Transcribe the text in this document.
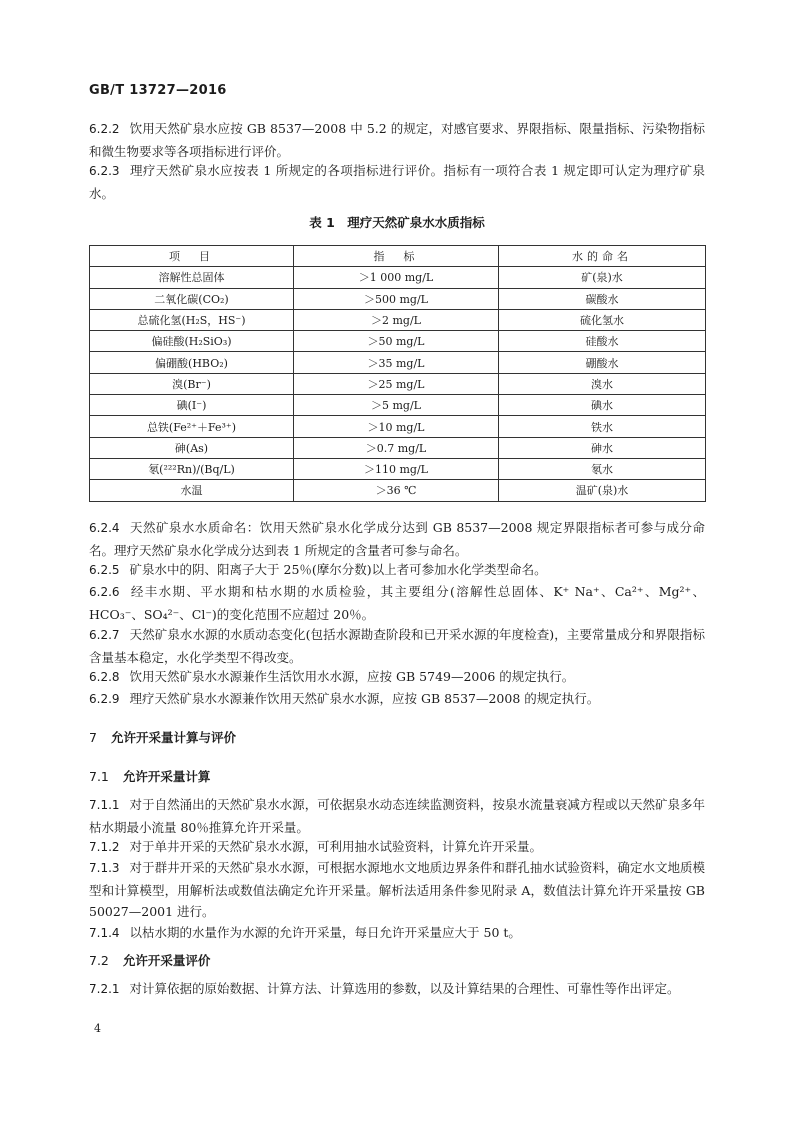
GB/T 13727—2016
6.2.2 饮用天然矿泉水应按 GB 8537—2008 中 5.2 的规定，对感官要求、界限指标、限量指标、污染物指标和微生物要求等各项指标进行评价。
6.2.3 理疗天然矿泉水应按表 1 所规定的各项指标进行评价。指标有一项符合表 1 规定即可认定为理疗矿泉水。
表 1　理疗天然矿泉水水质指标
项　目	指　标	水的命名
溶解性总固体	＞1 000 mg/L	矿(泉)水
二氧化碳(CO₂)	＞500 mg/L	碳酸水
总硫化氢(H₂S，HS⁻)	＞2 mg/L	硫化氢水
偏硅酸(H₂SiO₃)	＞50 mg/L	硅酸水
偏硼酸(HBO₂)	＞35 mg/L	硼酸水
溴(Br⁻)	＞25 mg/L	溴水
碘(I⁻)	＞5 mg/L	碘水
总铁(Fe²⁺＋Fe³⁺)	＞10 mg/L	铁水
砷(As)	＞0.7 mg/L	砷水
氡(²²²Rn)/(Bq/L)	＞110 mg/L	氡水
水温	＞36 ℃	温矿(泉)水
6.2.4 天然矿泉水水质命名：饮用天然矿泉水化学成分达到 GB 8537—2008 规定界限指标者可参与成分命名。理疗天然矿泉水化学成分达到表 1 所规定的含量者可参与命名。
6.2.5 矿泉水中的阴、阳离子大于 25％(摩尔分数)以上者可参加水化学类型命名。
6.2.6 经丰水期、平水期和枯水期的水质检验，其主要组分(溶解性总固体、K⁺ Na⁺、Ca²⁺、Mg²⁺、HCO₃⁻、SO₄²⁻、Cl⁻)的变化范围不应超过 20％。
6.2.7 天然矿泉水水源的水质动态变化(包括水源勘查阶段和已开采水源的年度检查)，主要常量成分和界限指标含量基本稳定，水化学类型不得改变。
6.2.8 饮用天然矿泉水水源兼作生活饮用水水源，应按 GB 5749—2006 的规定执行。
6.2.9 理疗天然矿泉水水源兼作饮用天然矿泉水水源，应按 GB 8537—2008 的规定执行。
7 允许开采量计算与评价
7.1 允许开采量计算
7.1.1 对于自然涌出的天然矿泉水水源，可依据泉水动态连续监测资料，按泉水流量衰减方程或以天然矿泉多年枯水期最小流量 80％推算允许开采量。
7.1.2 对于单井开采的天然矿泉水水源，可利用抽水试验资料，计算允许开采量。
7.1.3 对于群井开采的天然矿泉水水源，可根据水源地水文地质边界条件和群孔抽水试验资料，确定水文地质模型和计算模型，用解析法或数值法确定允许开采量。解析法适用条件参见附录 A，数值法计算允许开采量按 GB 50027—2001 进行。
7.1.4 以枯水期的水量作为水源的允许开采量，每日允许开采量应大于 50 t。
7.2 允许开采量评价
7.2.1 对计算依据的原始数据、计算方法、计算选用的参数，以及计算结果的合理性、可靠性等作出评定。
4
